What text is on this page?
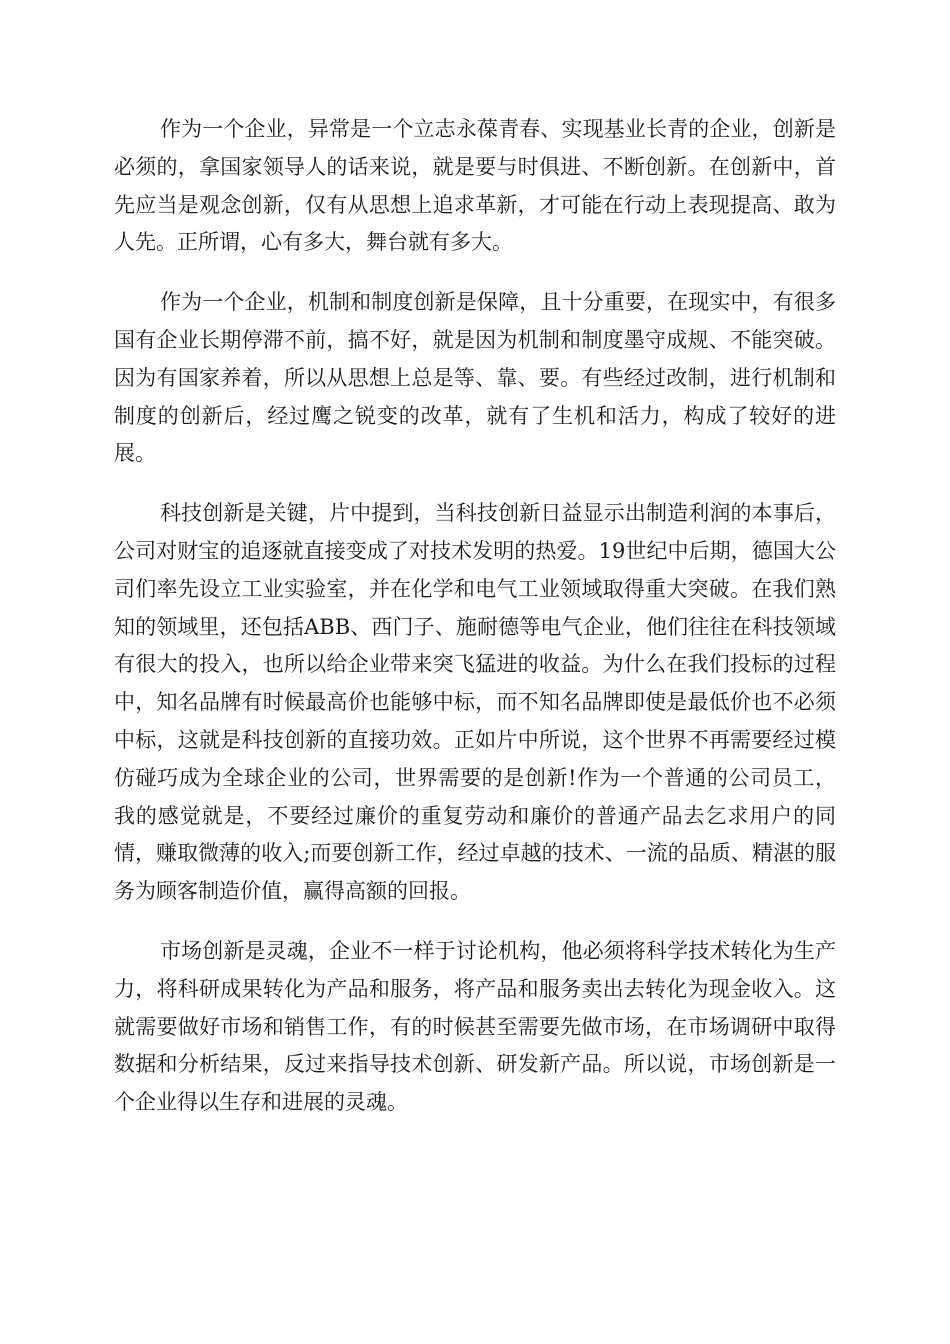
作为一个企业，异常是一个立志永葆青春、实现基业长青的企业，创新是必须的，拿国家领导人的话来说，就是要与时俱进、不断创新。在创新中，首先应当是观念创新，仅有从思想上追求革新，才可能在行动上表现提高、敢为人先。正所谓，心有多大，舞台就有多大。

作为一个企业，机制和制度创新是保障，且十分重要，在现实中，有很多国有企业长期停滞不前，搞不好，就是因为机制和制度墨守成规、不能突破。因为有国家养着，所以从思想上总是等、靠、要。有些经过改制，进行机制和制度的创新后，经过鹰之锐变的改革，就有了生机和活力，构成了较好的进展。

科技创新是关键，片中提到，当科技创新日益显示出制造利润的本事后，公司对财宝的追逐就直接变成了对技术发明的热爱。19世纪中后期，德国大公司们率先设立工业实验室，并在化学和电气工业领域取得重大突破。在我们熟知的领域里，还包括ABB、西门子、施耐德等电气企业，他们往往在科技领域有很大的投入，也所以给企业带来突飞猛进的收益。为什么在我们投标的过程中，知名品牌有时候最高价也能够中标，而不知名品牌即使是最低价也不必须中标，这就是科技创新的直接功效。正如片中所说，这个世界不再需要经过模仿碰巧成为全球企业的公司，世界需要的是创新!作为一个普通的公司员工，我的感觉就是，不要经过廉价的重复劳动和廉价的普通产品去乞求用户的同情，赚取微薄的收入;而要创新工作，经过卓越的技术、一流的品质、精湛的服务为顾客制造价值，赢得高额的回报。

市场创新是灵魂，企业不一样于讨论机构，他必须将科学技术转化为生产力，将科研成果转化为产品和服务，将产品和服务卖出去转化为现金收入。这就需要做好市场和销售工作，有的时候甚至需要先做市场，在市场调研中取得数据和分析结果，反过来指导技术创新、研发新产品。所以说，市场创新是一个企业得以生存和进展的灵魂。
